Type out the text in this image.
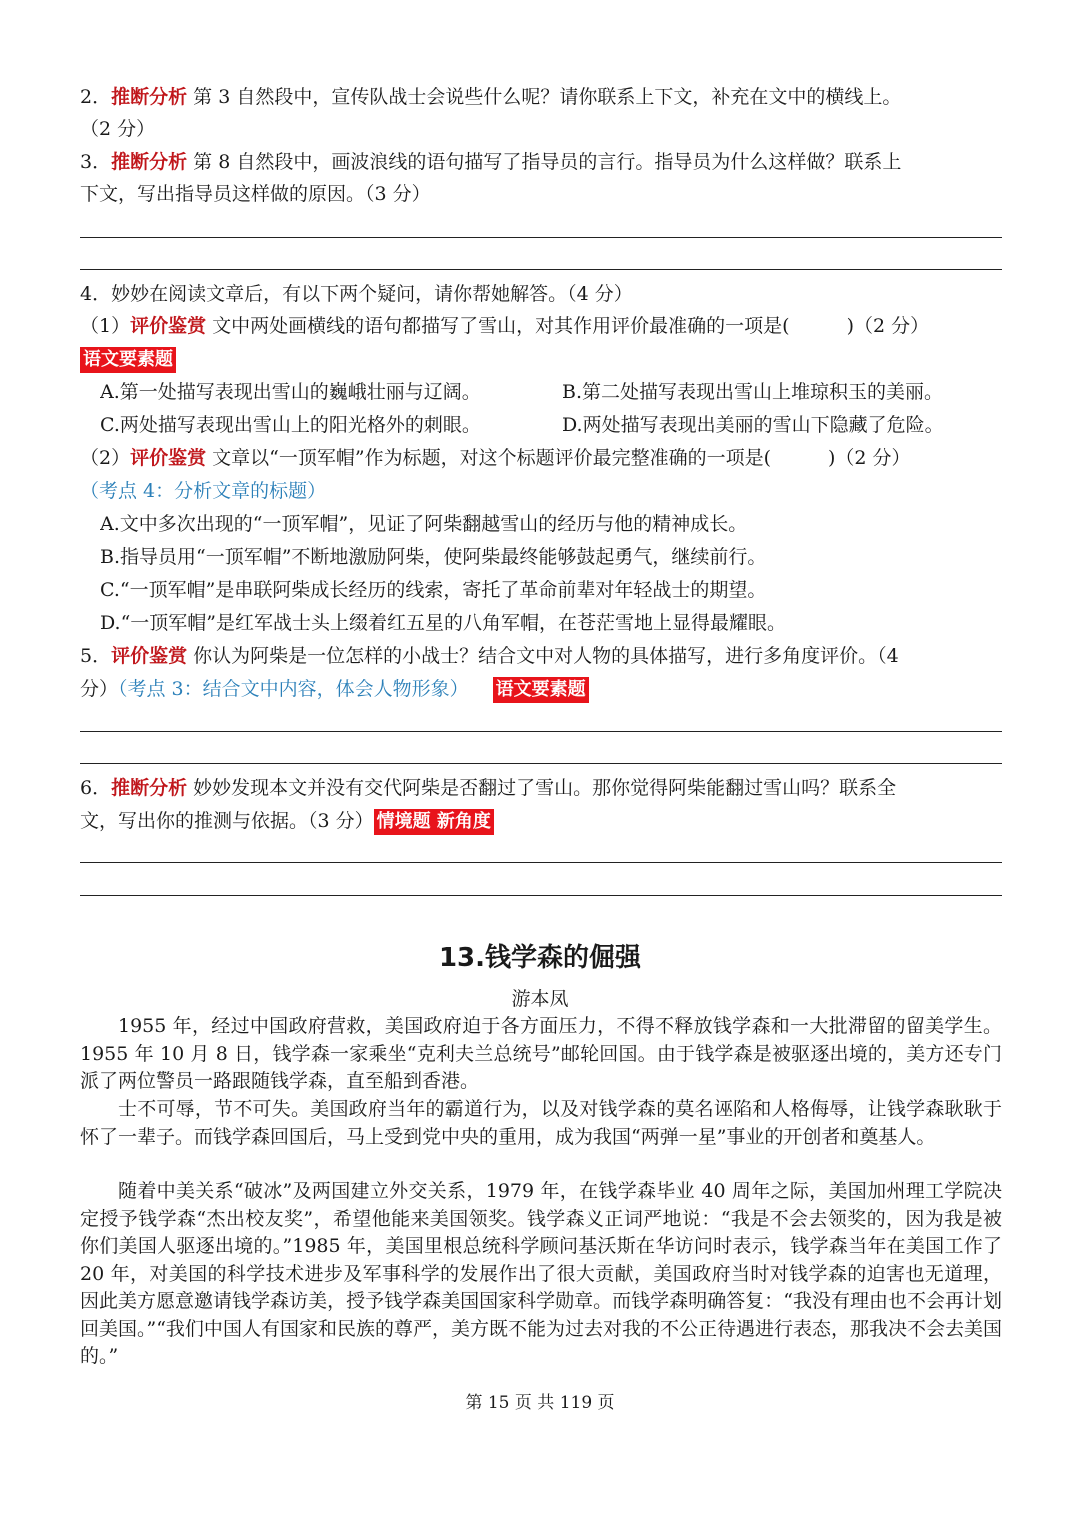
2．推断分析 第 3 自然段中，宣传队战士会说些什么呢？请你联系上下文，补充在文中的横线上。
（2 分）
3．推断分析 第 8 自然段中，画波浪线的语句描写了指导员的言行。指导员为什么这样做？联系上
下文，写出指导员这样做的原因。（3 分）
4．妙妙在阅读文章后，有以下两个疑问，请你帮她解答。（4 分）
（1）评价鉴赏 文中两处画横线的语句都描写了雪山，对其作用评价最准确的一项是(　　　)（2 分）
语文要素题
A.第一处描写表现出雪山的巍峨壮丽与辽阔。	B.第二处描写表现出雪山上堆琼积玉的美丽。
C.两处描写表现出雪山上的阳光格外的刺眼。	D.两处描写表现出美丽的雪山下隐藏了危险。
（2）评价鉴赏 文章以“一顶军帽”作为标题，对这个标题评价最完整准确的一项是(　　　)（2 分）
（考点 4：分析文章的标题）
A.文中多次出现的“一顶军帽”，见证了阿柴翻越雪山的经历与他的精神成长。
B.指导员用“一顶军帽”不断地激励阿柴，使阿柴最终能够鼓起勇气，继续前行。
C.“一顶军帽”是串联阿柴成长经历的线索，寄托了革命前辈对年轻战士的期望。
D.“一顶军帽”是红军战士头上缀着红五星的八角军帽，在苍茫雪地上显得最耀眼。
5．评价鉴赏 你认为阿柴是一位怎样的小战士？结合文中对人物的具体描写，进行多角度评价。（4
分）（考点 3：结合文中内容，体会人物形象） 语文要素题
6．推断分析 妙妙发现本文并没有交代阿柴是否翻过了雪山。那你觉得阿柴能翻过雪山吗？联系全
文，写出你的推测与依据。（3 分） 情境题 新角度
13.钱学森的倔强
游本凤
1955 年，经过中国政府营救，美国政府迫于各方面压力，不得不释放钱学森和一大批滞留的留美学生。1955 年 10 月 8 日，钱学森一家乘坐“克利夫兰总统号”邮轮回国。由于钱学森是被驱逐出境的，美方还专门派了两位警员一路跟随钱学森，直至船到香港。
士不可辱，节不可失。美国政府当年的霸道行为，以及对钱学森的莫名诬陷和人格侮辱，让钱学森耿耿于怀了一辈子。而钱学森回国后，马上受到党中央的重用，成为我国“两弹一星”事业的开创者和奠基人。
随着中美关系“破冰”及两国建立外交关系，1979 年，在钱学森毕业 40 周年之际，美国加州理工学院决定授予钱学森“杰出校友奖”，希望他能来美国领奖。钱学森义正词严地说：“我是不会去领奖的，因为我是被你们美国人驱逐出境的。”1985 年，美国里根总统科学顾问基沃斯在华访问时表示，钱学森当年在美国工作了 20 年，对美国的科学技术进步及军事科学的发展作出了很大贡献，美国政府当时对钱学森的迫害也无道理，因此美方愿意邀请钱学森访美，授予钱学森美国国家科学勋章。而钱学森明确答复：“我没有理由也不会再计划回美国。”“我们中国人有国家和民族的尊严，美方既不能为过去对我的不公正待遇进行表态，那我决不会去美国的。”
第 15 页 共 119 页
